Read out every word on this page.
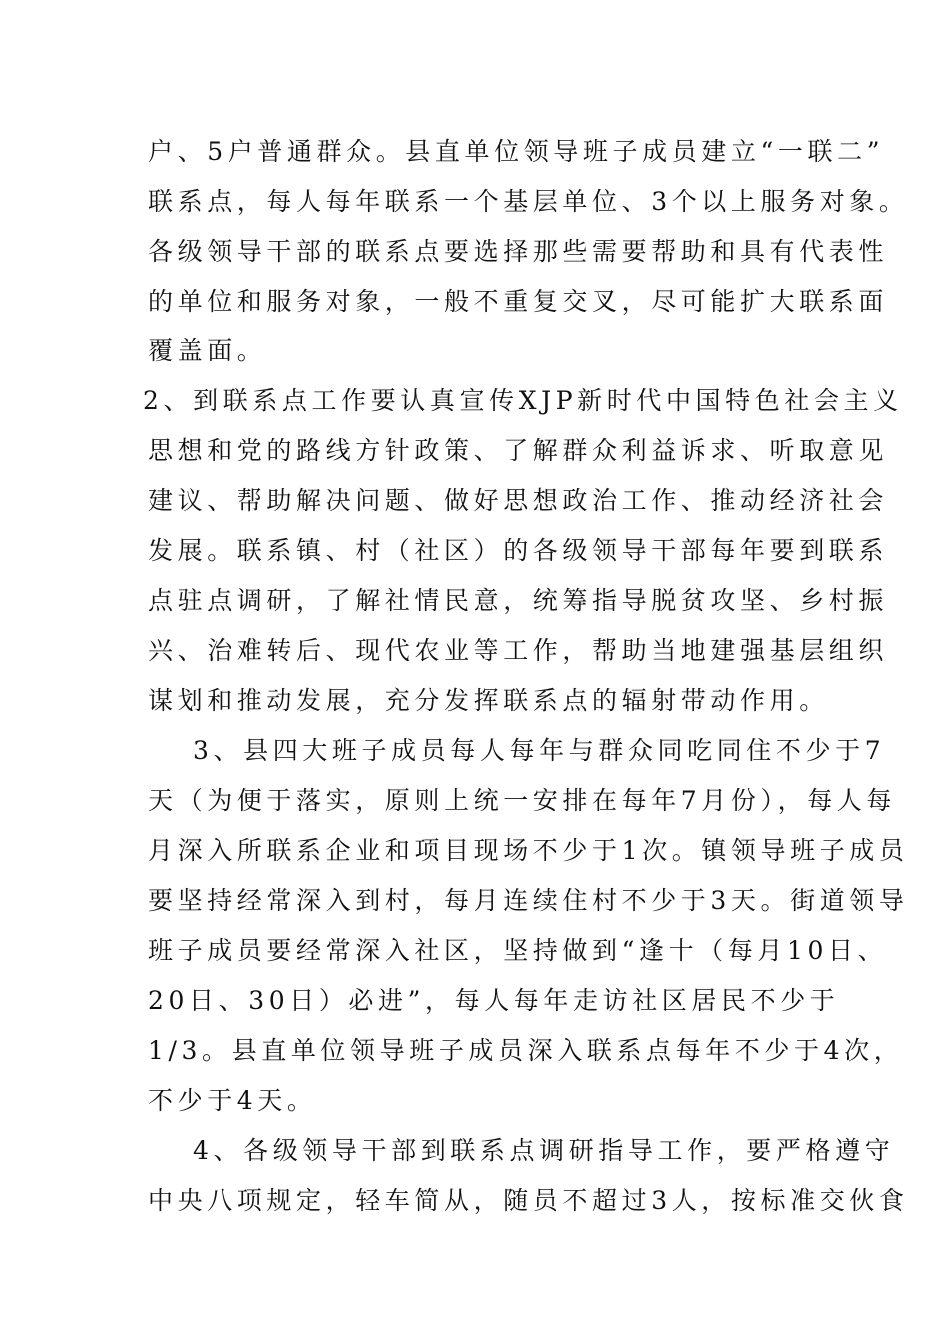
户、5户普通群众。县直单位领导班子成员建立“一联二”
联系点，每人每年联系一个基层单位、3个以上服务对象。
各级领导干部的联系点要选择那些需要帮助和具有代表性
的单位和服务对象，一般不重复交叉，尽可能扩大联系面
覆盖面。
2、到联系点工作要认真宣传XJP新时代中国特色社会主义
思想和党的路线方针政策、了解群众利益诉求、听取意见
建议、帮助解决问题、做好思想政治工作、推动经济社会
发展。联系镇、村（社区）的各级领导干部每年要到联系
点驻点调研，了解社情民意，统筹指导脱贫攻坚、乡村振
兴、治难转后、现代农业等工作，帮助当地建强基层组织
谋划和推动发展，充分发挥联系点的辐射带动作用。
3、县四大班子成员每人每年与群众同吃同住不少于7
天（为便于落实，原则上统一安排在每年7月份），每人每
月深入所联系企业和项目现场不少于1次。镇领导班子成员
要坚持经常深入到村，每月连续住村不少于3天。街道领导
班子成员要经常深入社区，坚持做到“逢十（每月10日、
20日、30日）必进”，每人每年走访社区居民不少于
1/3。县直单位领导班子成员深入联系点每年不少于4次，
不少于4天。
4、各级领导干部到联系点调研指导工作，要严格遵守
中央八项规定，轻车简从，随员不超过3人，按标准交伙食
